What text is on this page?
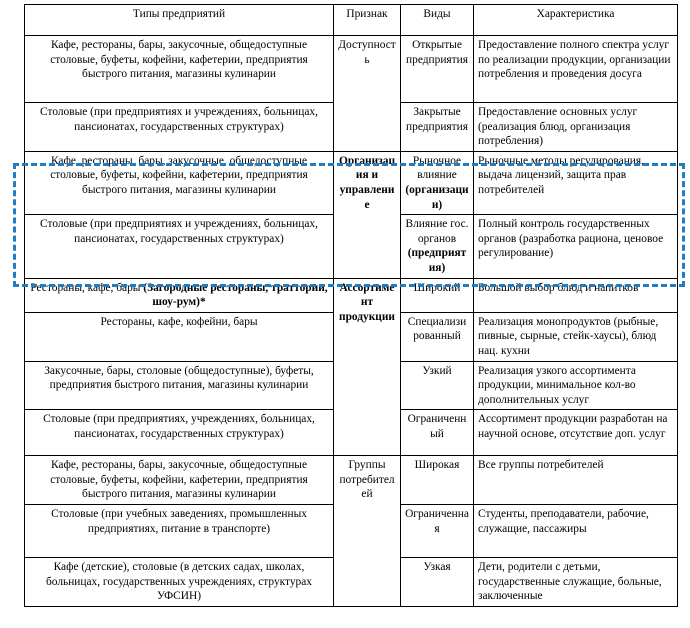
Типы предприятий	Признак	Виды	Характеристика
Кафе, рестораны, бары, закусочные, общедоступные столовые, буфеты, кофейни, кафетерии, предприятия быстрого питания, магазины кулинарии	Доступность	Открытые предприятия	Предоставление полного спектра услуг по реализации продукции, организации потребления и проведения досуга
Столовые (при предприятиях и учреждениях, больницах, пансионатах, государственных структурах)		Закрытые предприятия	Предоставление основных услуг (реализация блюд, организация потребления)
Кафе, рестораны, бары, закусочные, общедоступные столовые, буфеты, кофейни, кафетерии, предприятия быстрого питания, магазины кулинарии	Организация и управление	Рыночное влияние (организации)	Рыночные методы регулирования, выдача лицензий, защита прав потребителей
Столовые (при предприятиях и учреждениях, больницах, пансионатах, государственных структурах)		Влияние гос. органов (предприятия)	Полный контроль государственных органов (разработка рациона, ценовое регулирование)
Рестораны, кафе, бары (Загородные рестораны, траттории, шоу-рум)*	Ассортимент продукции	Широкий	Большой выбор блюд и напитков
Рестораны, кафе, кофейни, бары		Специализированный	Реализация монопродуктов (рыбные, пивные, сырные, стейк-хаусы), блюд нац. кухни
Закусочные, бары, столовые (общедоступные), буфеты, предприятия быстрого питания, магазины кулинарии		Узкий	Реализация узкого ассортимента продукции, минимальное кол-во дополнительных услуг
Столовые (при предприятиях, учреждениях, больницах, пансионатах, государственных структурах)		Ограниченный	Ассортимент продукции разработан на научной основе, отсутствие доп. услуг
Кафе, рестораны, бары, закусочные, общедоступные столовые, буфеты, кофейни, кафетерии, предприятия быстрого питания, магазины кулинарии	Группы потребителей	Широкая	Все группы потребителей
Столовые (при учебных заведениях, промышленных предприятиях, питание в транспорте)		Ограниченная	Студенты, преподаватели, рабочие, служащие, пассажиры
Кафе (детские), столовые (в детских садах, школах, больницах, государственных учреждениях, структурах УФСИН)		Узкая	Дети, родители с детьми, государственные служащие, больные, заключенные
